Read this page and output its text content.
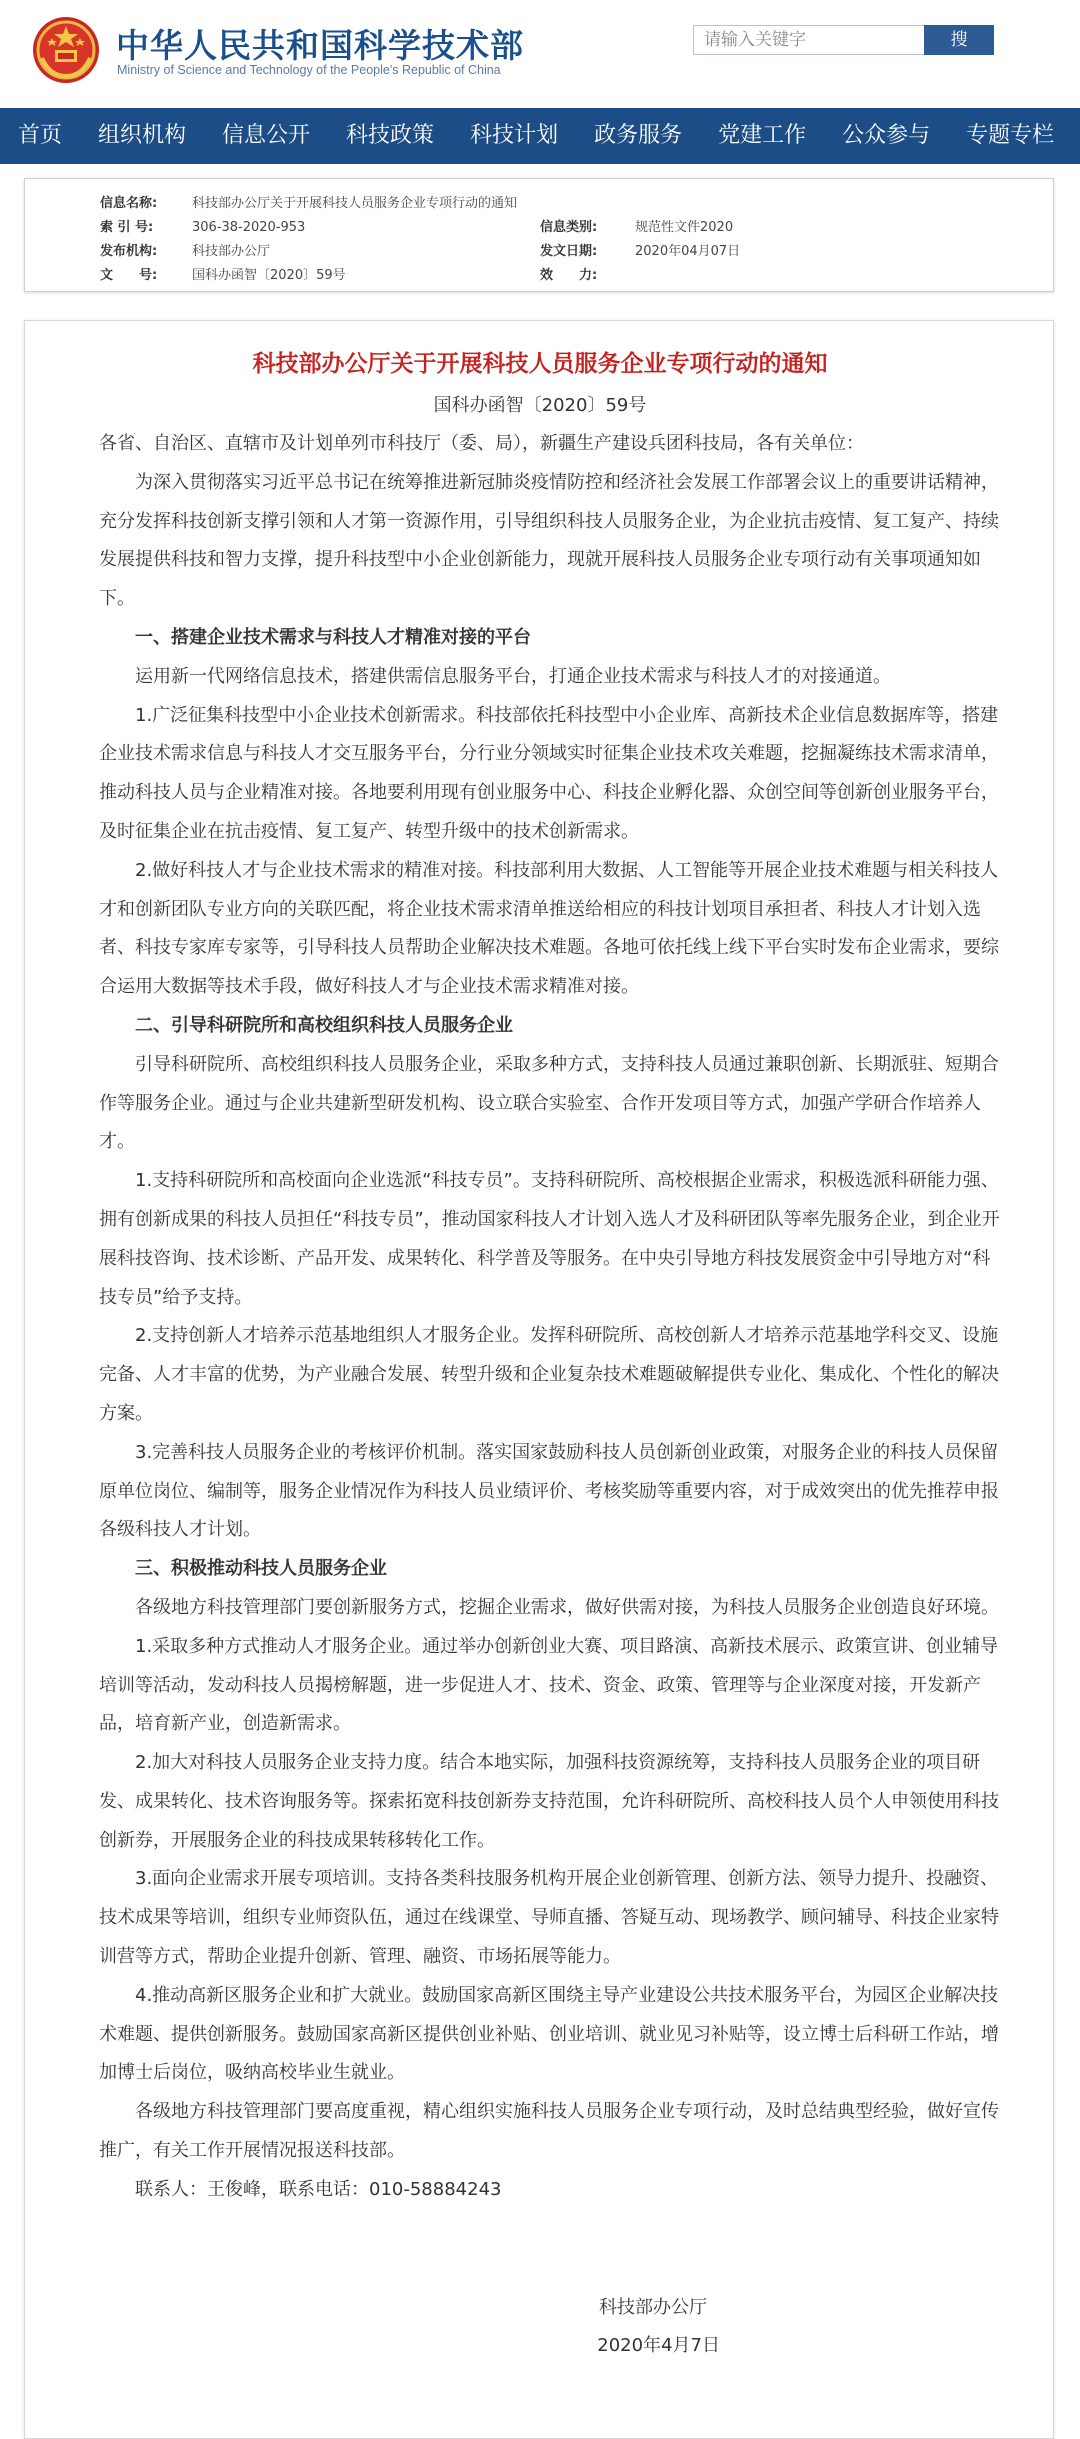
中华人民共和国科学技术部
Ministry of Science and Technology of the People's Republic of China
请输入关键字	搜
首页	组织机构	信息公开	科技政策	科技计划	政务服务	党建工作	公众参与	专题专栏
信息名称:	科技部办公厅关于开展科技人员服务企业专项行动的通知
索 引 号:	306-38-2020-953	信息类别:	规范性文件2020
发布机构:	科技部办公厅	发文日期:	2020年04月07日
文　　号:	国科办函智〔2020〕59号	效　　力:
科技部办公厅关于开展科技人员服务企业专项行动的通知
国科办函智〔2020〕59号

各省、自治区、直辖市及计划单列市科技厅（委、局），新疆生产建设兵团科技局，各有关单位：

为深入贯彻落实习近平总书记在统筹推进新冠肺炎疫情防控和经济社会发展工作部署会议上的重要讲话精神，充分发挥科技创新支撑引领和人才第一资源作用，引导组织科技人员服务企业，为企业抗击疫情、复工复产、持续发展提供科技和智力支撑，提升科技型中小企业创新能力，现就开展科技人员服务企业专项行动有关事项通知如下。

一、搭建企业技术需求与科技人才精准对接的平台

运用新一代网络信息技术，搭建供需信息服务平台，打通企业技术需求与科技人才的对接通道。

1.广泛征集科技型中小企业技术创新需求。科技部依托科技型中小企业库、高新技术企业信息数据库等，搭建企业技术需求信息与科技人才交互服务平台，分行业分领域实时征集企业技术攻关难题，挖掘凝练技术需求清单，推动科技人员与企业精准对接。各地要利用现有创业服务中心、科技企业孵化器、众创空间等创新创业服务平台，及时征集企业在抗击疫情、复工复产、转型升级中的技术创新需求。

2.做好科技人才与企业技术需求的精准对接。科技部利用大数据、人工智能等开展企业技术难题与相关科技人才和创新团队专业方向的关联匹配，将企业技术需求清单推送给相应的科技计划项目承担者、科技人才计划入选者、科技专家库专家等，引导科技人员帮助企业解决技术难题。各地可依托线上线下平台实时发布企业需求，要综合运用大数据等技术手段，做好科技人才与企业技术需求精准对接。

二、引导科研院所和高校组织科技人员服务企业

引导科研院所、高校组织科技人员服务企业，采取多种方式，支持科技人员通过兼职创新、长期派驻、短期合作等服务企业。通过与企业共建新型研发机构、设立联合实验室、合作开发项目等方式，加强产学研合作培养人才。

1.支持科研院所和高校面向企业选派“科技专员”。支持科研院所、高校根据企业需求，积极选派科研能力强、拥有创新成果的科技人员担任“科技专员”，推动国家科技人才计划入选人才及科研团队等率先服务企业，到企业开展科技咨询、技术诊断、产品开发、成果转化、科学普及等服务。在中央引导地方科技发展资金中引导地方对“科技专员”给予支持。

2.支持创新人才培养示范基地组织人才服务企业。发挥科研院所、高校创新人才培养示范基地学科交叉、设施完备、人才丰富的优势，为产业融合发展、转型升级和企业复杂技术难题破解提供专业化、集成化、个性化的解决方案。

3.完善科技人员服务企业的考核评价机制。落实国家鼓励科技人员创新创业政策，对服务企业的科技人员保留原单位岗位、编制等，服务企业情况作为科技人员业绩评价、考核奖励等重要内容，对于成效突出的优先推荐申报各级科技人才计划。

三、积极推动科技人员服务企业

各级地方科技管理部门要创新服务方式，挖掘企业需求，做好供需对接，为科技人员服务企业创造良好环境。

1.采取多种方式推动人才服务企业。通过举办创新创业大赛、项目路演、高新技术展示、政策宣讲、创业辅导培训等活动，发动科技人员揭榜解题，进一步促进人才、技术、资金、政策、管理等与企业深度对接，开发新产品，培育新产业，创造新需求。

2.加大对科技人员服务企业支持力度。结合本地实际，加强科技资源统筹，支持科技人员服务企业的项目研发、成果转化、技术咨询服务等。探索拓宽科技创新券支持范围，允许科研院所、高校科技人员个人申领使用科技创新券，开展服务企业的科技成果转移转化工作。

3.面向企业需求开展专项培训。支持各类科技服务机构开展企业创新管理、创新方法、领导力提升、投融资、技术成果等培训，组织专业师资队伍，通过在线课堂、导师直播、答疑互动、现场教学、顾问辅导、科技企业家特训营等方式，帮助企业提升创新、管理、融资、市场拓展等能力。

4.推动高新区服务企业和扩大就业。鼓励国家高新区围绕主导产业建设公共技术服务平台，为园区企业解决技术难题、提供创新服务。鼓励国家高新区提供创业补贴、创业培训、就业见习补贴等，设立博士后科研工作站，增加博士后岗位，吸纳高校毕业生就业。

各级地方科技管理部门要高度重视，精心组织实施科技人员服务企业专项行动，及时总结典型经验，做好宣传推广，有关工作开展情况报送科技部。

联系人：王俊峰，联系电话：010-58884243

科技部办公厅
2020年4月7日
